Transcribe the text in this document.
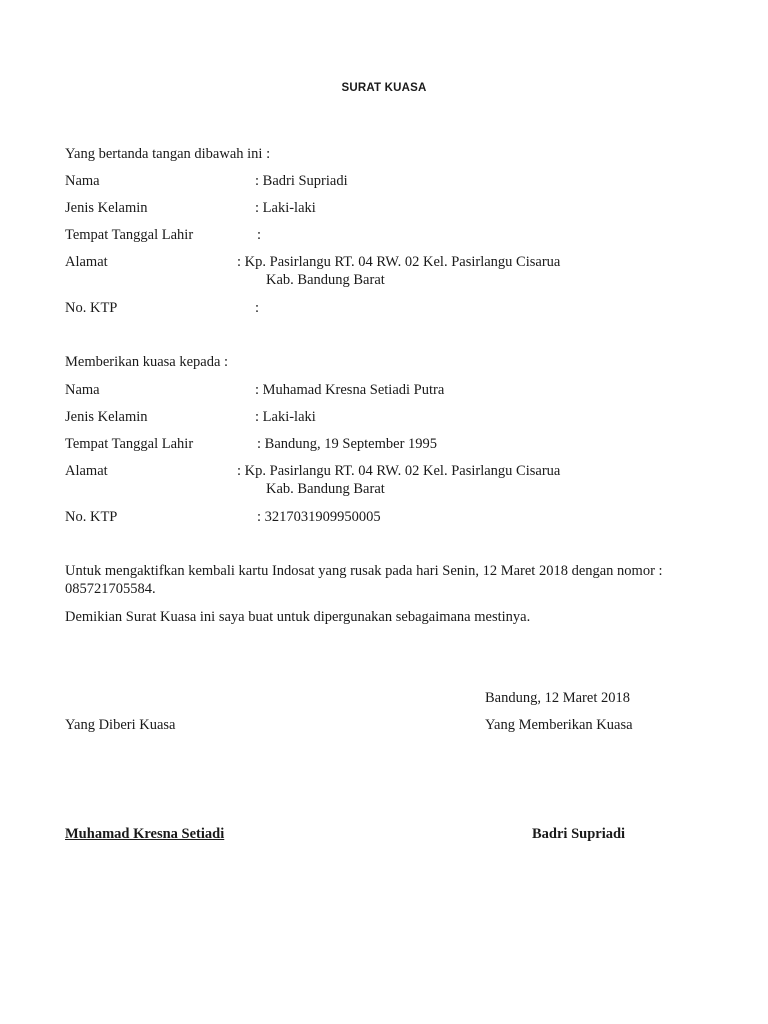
SURAT KUASA
Yang bertanda tangan dibawah ini :
Nama	: Badri Supriadi
Jenis Kelamin	: Laki-laki
Tempat Tanggal Lahir	:
Alamat	: Kp. Pasirlangu RT. 04 RW. 02 Kel. Pasirlangu Cisarua
Kab. Bandung Barat
No. KTP	:
Memberikan kuasa kepada :
Nama	: Muhamad Kresna Setiadi Putra
Jenis Kelamin	: Laki-laki
Tempat Tanggal Lahir	: Bandung, 19 September 1995
Alamat	: Kp. Pasirlangu RT. 04 RW. 02 Kel. Pasirlangu Cisarua
Kab. Bandung Barat
No. KTP	: 3217031909950005
Untuk mengaktifkan kembali kartu Indosat yang rusak pada hari Senin, 12 Maret 2018 dengan nomor :
085721705584.
Demikian Surat Kuasa ini saya buat untuk dipergunakan sebagaimana mestinya.
Bandung, 12 Maret 2018
Yang Diberi Kuasa	Yang Memberikan Kuasa
Muhamad Kresna Setiadi	Badri Supriadi
